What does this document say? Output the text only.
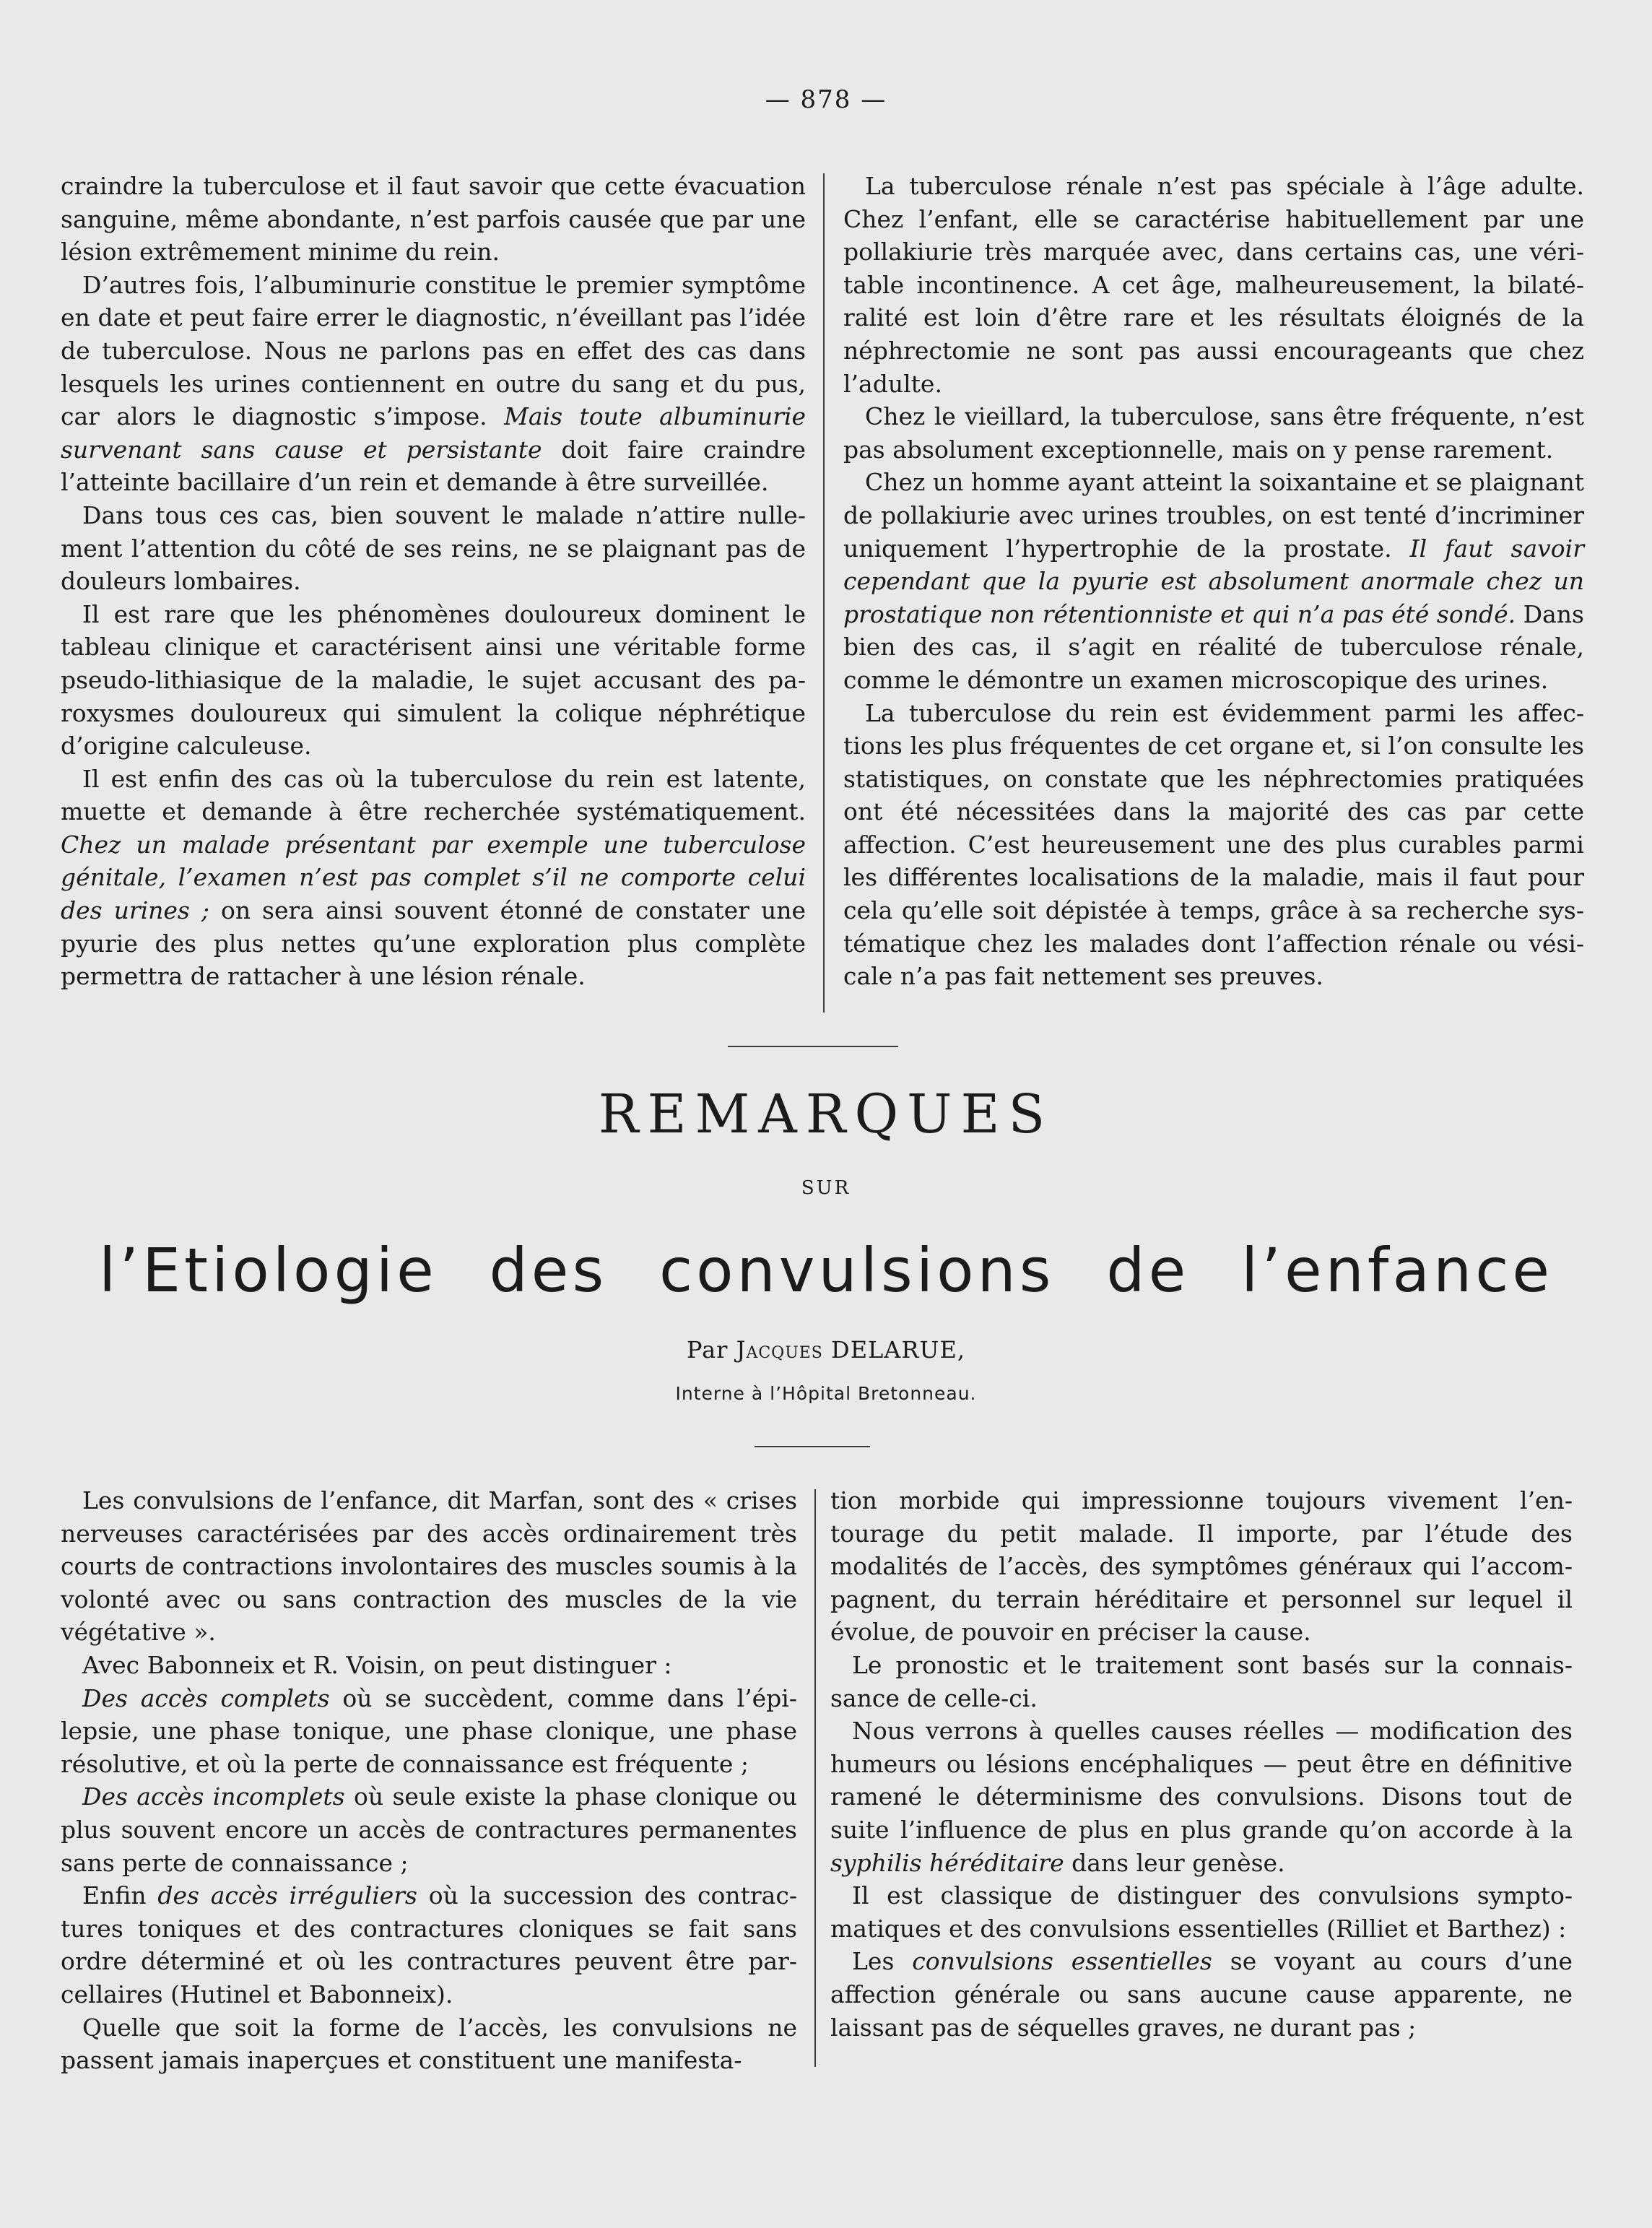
— 878 —

craindre la tuberculose et il faut savoir que cette évacuation sanguine, même abondante, n’est parfois causée que par une lésion extrêmement minime du rein.

D’autres fois, l’albuminurie constitue le premier symptôme en date et peut faire errer le diagnostic, n’éveillant pas l’idée de tuberculose. Nous ne parlons pas en effet des cas dans lesquels les urines contiennent en outre du sang et du pus, car alors le diagnostic s’impose. Mais toute albuminurie survenant sans cause et persistante doit faire craindre l’atteinte bacillaire d’un rein et demande à être surveillée.

Dans tous ces cas, bien souvent le malade n’attire nullement l’attention du côté de ses reins, ne se plaignant pas de douleurs lombaires.

Il est rare que les phénomènes douloureux dominent le tableau clinique et caractérisent ainsi une véritable forme pseudo-lithiasique de la maladie, le sujet accusant des paroxysmes douloureux qui simulent la colique néphrétique d’origine calculeuse.

Il est enfin des cas où la tuberculose du rein est latente, muette et demande à être recherchée systématiquement. Chez un malade présentant par exemple une tuberculose génitale, l’examen n’est pas complet s’il ne comporte celui des urines ; on sera ainsi souvent étonné de constater une pyurie des plus nettes qu’une exploration plus complète permettra de rattacher à une lésion rénale.

La tuberculose rénale n’est pas spéciale à l’âge adulte. Chez l’enfant, elle se caractérise habituellement par une pollakiurie très marquée avec, dans certains cas, une véritable incontinence. A cet âge, malheureusement, la bilatéralité est loin d’être rare et les résultats éloignés de la néphrectomie ne sont pas aussi encourageants que chez l’adulte.

Chez le vieillard, la tuberculose, sans être fréquente, n’est pas absolument exceptionnelle, mais on y pense rarement.

Chez un homme ayant atteint la soixantaine et se plaignant de pollakiurie avec urines troubles, on est tenté d’incriminer uniquement l’hypertrophie de la prostate. Il faut savoir cependant que la pyurie est absolument anormale chez un prostatique non rétentionniste et qui n’a pas été sondé. Dans bien des cas, il s’agit en réalité de tuberculose rénale, comme le démontre un examen microscopique des urines.

La tuberculose du rein est évidemment parmi les affections les plus fréquentes de cet organe et, si l’on consulte les statistiques, on constate que les néphrectomies pratiquées ont été nécessitées dans la majorité des cas par cette affection. C’est heureusement une des plus curables parmi les différentes localisations de la maladie, mais il faut pour cela qu’elle soit dépistée à temps, grâce à sa recherche systématique chez les malades dont l’affection rénale ou vésicale n’a pas fait nettement ses preuves.

REMARQUES
SUR
l’Etiologie des convulsions de l’enfance
Par Jacques DELARUE,
Interne à l’Hôpital Bretonneau.

Les convulsions de l’enfance, dit Marfan, sont des « crises nerveuses caractérisées par des accès ordinairement très courts de contractions involontaires des muscles soumis à la volonté avec ou sans contraction des muscles de la vie végétative ».

Avec Babonneix et R. Voisin, on peut distinguer :

Des accès complets où se succèdent, comme dans l’épilepsie, une phase tonique, une phase clonique, une phase résolutive, et où la perte de connaissance est fréquente ;

Des accès incomplets où seule existe la phase clonique ou plus souvent encore un accès de contractures permanentes sans perte de connaissance ;

Enfin des accès irréguliers où la succession des contractures toniques et des contractures cloniques se fait sans ordre déterminé et où les contractures peuvent être parcellaires (Hutinel et Babonneix).

Quelle que soit la forme de l’accès, les convulsions ne passent jamais inaperçues et constituent une manifesta-

tion morbide qui impressionne toujours vivement l’entourage du petit malade. Il importe, par l’étude des modalités de l’accès, des symptômes généraux qui l’accompagnent, du terrain héréditaire et personnel sur lequel il évolue, de pouvoir en préciser la cause.

Le pronostic et le traitement sont basés sur la connaissance de celle-ci.

Nous verrons à quelles causes réelles — modification des humeurs ou lésions encéphaliques — peut être en définitive ramené le déterminisme des convulsions. Disons tout de suite l’influence de plus en plus grande qu’on accorde à la syphilis héréditaire dans leur genèse.

Il est classique de distinguer des convulsions symptomatiques et des convulsions essentielles (Rilliet et Barthez) :

Les convulsions essentielles se voyant au cours d’une affection générale ou sans aucune cause apparente, ne laissant pas de séquelles graves, ne durant pas ;
